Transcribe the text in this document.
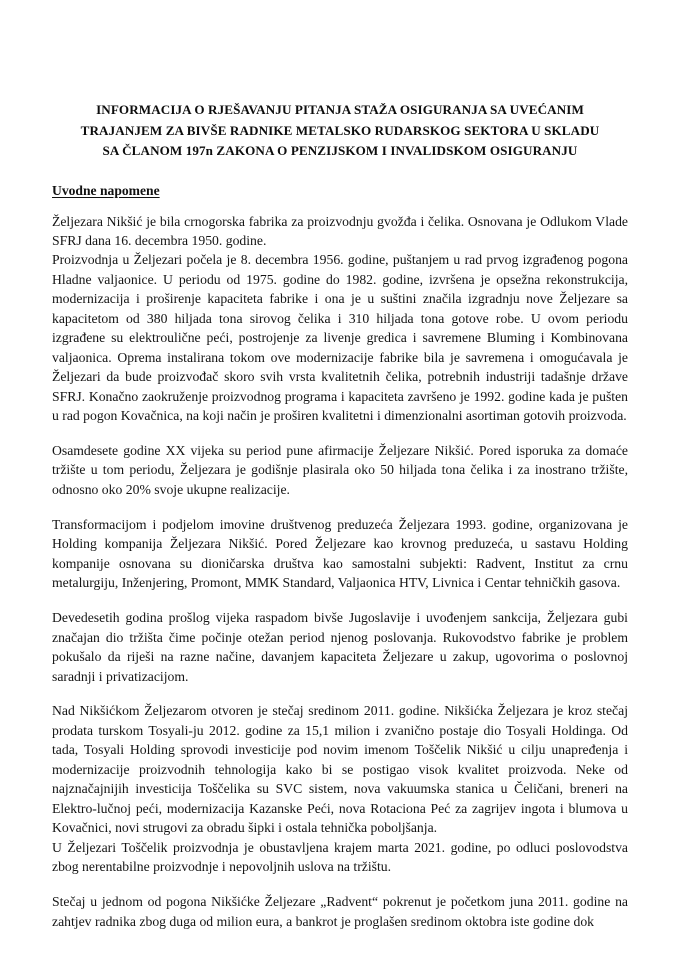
INFORMACIJA O RJEŠAVANJU PITANJA STAŽA OSIGURANJA SA UVEĆANIM
TRAJANJEM ZA BIVŠE RADNIKE METALSKO RUDARSKOG SEKTORA U SKLADU
SA ČLANOM 197n ZAKONA O PENZIJSKOM I INVALIDSKOM OSIGURANJU
Uvodne napomene

Željezara Nikšić je bila crnogorska fabrika za proizvodnju gvožđa i čelika. Osnovana je Odlukom Vlade SFRJ dana 16. decembra 1950. godine.

Proizvodnja u Željezari počela je 8. decembra 1956. godine, puštanjem u rad prvog izgrađenog pogona Hladne valjaonice. U periodu od 1975. godine do 1982. godine, izvršena je opsežna rekonstrukcija, modernizacija i proširenje kapaciteta fabrike i ona je u suštini značila izgradnju nove Željezare sa kapacitetom od 380 hiljada tona sirovog čelika i 310 hiljada tona gotove robe. U ovom periodu izgrađene su elektroulične peći, postrojenje za livenje gredica i savremene Bluming i Kombinovana valjaonica. Oprema instalirana tokom ove modernizacije fabrike bila je savremena i omogućavala je Željezari da bude proizvođač skoro svih vrsta kvalitetnih čelika, potrebnih industriji tadašnje države SFRJ. Konačno zaokruženje proizvodnog programa i kapaciteta završeno je 1992. godine kada je pušten u rad pogon Kovačnica, na koji način je proširen kvalitetni i dimenzionalni asortiman gotovih proizvoda.

Osamdesete godine XX vijeka su period pune afirmacije Željezare Nikšić. Pored isporuka za domaće tržište u tom periodu, Željezara je godišnje plasirala oko 50 hiljada tona čelika i za inostrano tržište, odnosno oko 20% svoje ukupne realizacije.

Transformacijom i podjelom imovine društvenog preduzeća Željezara 1993. godine, organizovana je Holding kompanija Željezara Nikšić. Pored Željezare kao krovnog preduzeća, u sastavu Holding kompanije osnovana su dioničarska društva kao samostalni subjekti: Radvent, Institut za crnu metalurgiju, Inženjering, Promont, MMK Standard, Valjaonica HTV, Livnica i Centar tehničkih gasova.

Devedesetih godina prošlog vijeka raspadom bivše Jugoslavije i uvođenjem sankcija, Željezara gubi značajan dio tržišta čime počinje otežan period njenog poslovanja. Rukovodstvo fabrike je problem pokušalo da riješi na razne načine, davanjem kapaciteta Željezare u zakup, ugovorima o poslovnoj saradnji i privatizacijom.

Nad Nikšićkom Željezarom otvoren je stečaj sredinom 2011. godine. Nikšićka Željezara je kroz stečaj prodata turskom Tosyali-ju 2012. godine za 15,1 milion i zvanično postaje dio Tosyali Holdinga. Od tada, Tosyali Holding sprovodi investicije pod novim imenom Toščelik Nikšić u cilju unapređenja i modernizacije proizvodnih tehnologija kako bi se postigao visok kvalitet proizvoda. Neke od najznačajnijih investicija Toščelika su SVC sistem, nova vakuumska stanica u Čeličani, breneri na Elektro-lučnoj peći, modernizacija Kazanske Peći, nova Rotaciona Peć za zagrijev ingota i blumova u Kovačnici, novi strugovi za obradu šipki i ostala tehnička poboljšanja.

U Željezari Toščelik proizvodnja je obustavljena krajem marta 2021. godine, po odluci poslovodstva zbog nerentabilne proizvodnje i nepovoljnih uslova na tržištu.

Stečaj u jednom od pogona Nikšićke Željezare „Radvent“ pokrenut je početkom juna 2011. godine na zahtjev radnika zbog duga od milion eura, a bankrot je proglašen sredinom oktobra iste godine dok
